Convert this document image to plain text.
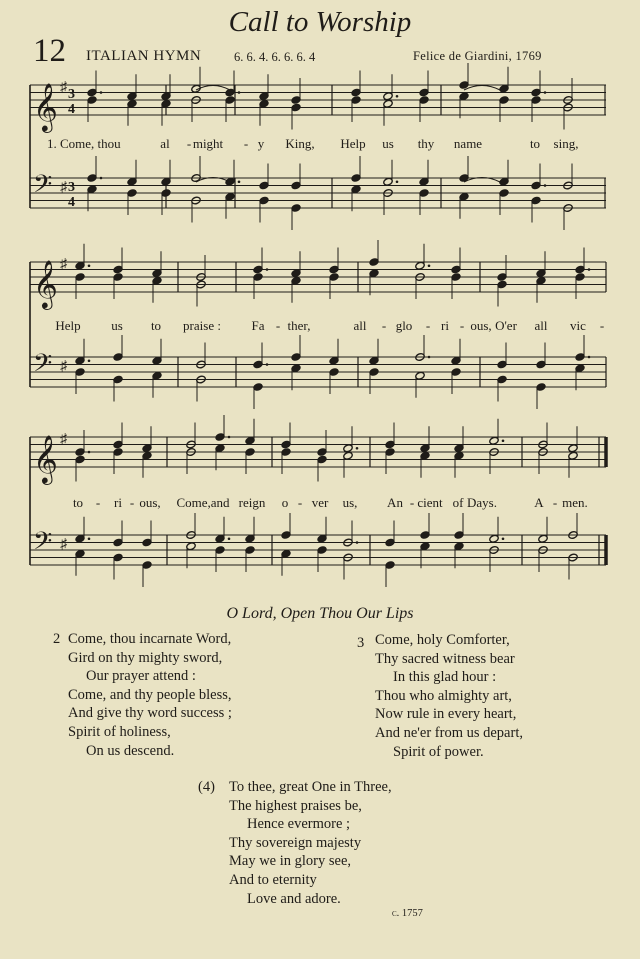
Call to Worship
12 ITALIAN HYMN	6. 6. 4. 6. 6. 6. 4	Felice de Giardini, 1769
𝄞
𝄢
♯
♯
3
4
3
4
𝄞
𝄢
♯
♯
𝄞
𝄢
♯
♯
1. Come, thou	al - might - y King, Help us thy name	to sing,
Help us to praise : Fa - ther,	all - glo - ri - ous, O'er all vic -
to - ri - ous, Come,and reign o - ver us, An - cient of Days.	A - men.
O Lord, Open Thou Our Lips
2 Come, thou incarnate Word,
Gird on thy mighty sword,
Our prayer attend :
Come, and thy people bless,
And give thy word success ;
Spirit of holiness,
On us descend.
3 Come, holy Comforter,
Thy sacred witness bear
In this glad hour :
Thou who almighty art,
Now rule in every heart,
And ne'er from us depart,
Spirit of power.
(4) To thee, great One in Three,
The highest praises be,
Hence evermore ;
Thy sovereign majesty
May we in glory see,
And to eternity
Love and adore.
c. 1757
